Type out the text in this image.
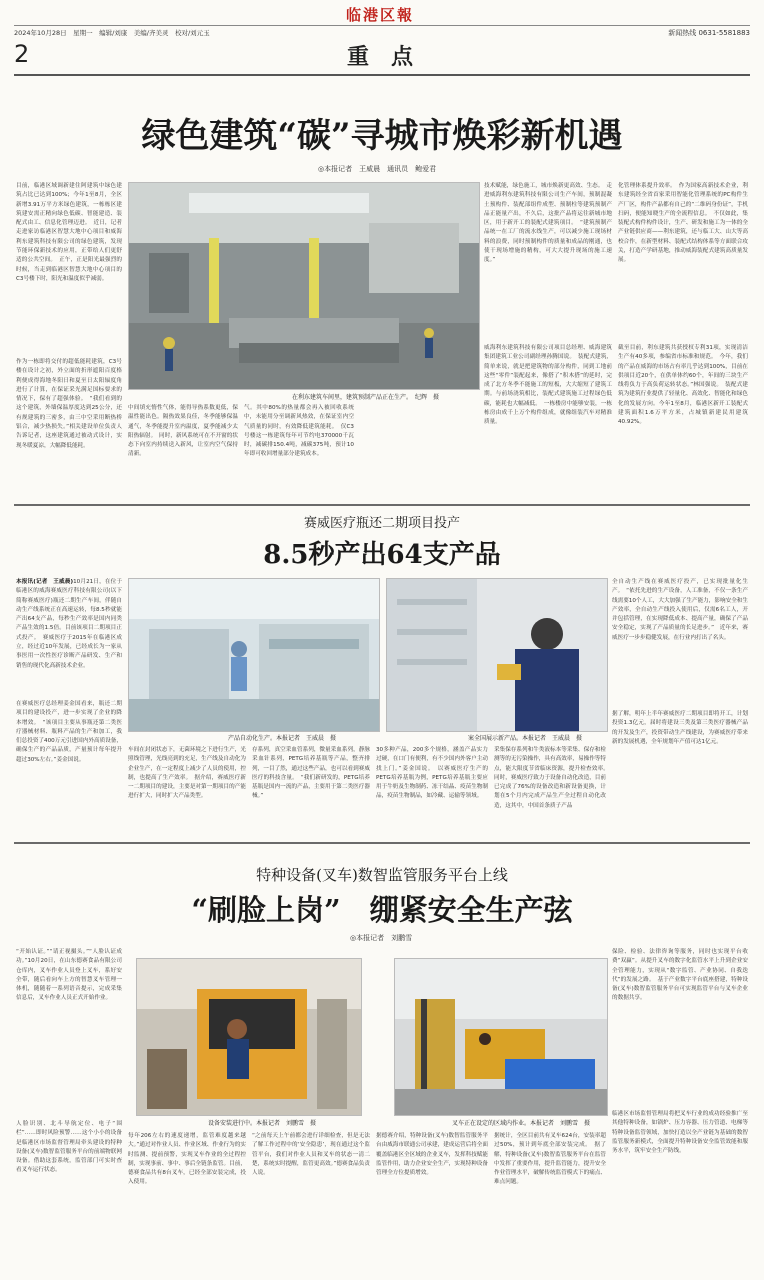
临港区報
2024年10月28日　星期一　编辑/刘康　美编/齐美灵　校对/刘元玉
2	重　点
新闻热线 0631-5581883
绿色建筑“碳”寻城市焕彩新机遇
◎本报记者　王威晨　通讯员　鲍爱君
目前，临港区域调新建住阿建筑中绿色建筑占比已达到100%；今年1至8月，全区新增3.91万平方米绿色建筑，一栋栋区建筑建安需正精向绿色低碳、智能建造、装配式由工、信息化管理迈进。　近日，记者走进家访临港区智慧大地中心项目和威海利东建筑科技有限公司的绿色建筑，发现节能环保新技术的应用，正带给人们更舒适的公共空间。　正午，正是阳光最强烈的时候，当走到临港区智慧大地中心项目的C3号楼下时，阳光和温度似乎减弱。
作为一栋即将交付的超低能耗建筑，C3号楼在设计之初，外立面的折形遮阳百度格利便成得海地冬阳日和夏至日太阳辐度角进行了计算，在保证采光满足国标要求的情况下，保有了超强体验。　“我们看到的这个建筑，外墙保温厚度达到25公分，还有规建筑的三密多，由三中空采用断热桥铝合，减少热损失。”相关建设单位负责人告诉记者，这座建筑通过被动式设计，实现冬暖夏凉，大幅降低能耗。
在利东建筑车间里，建筑预制产品正在生产。　纪辉　摄
中间填充惰性气体，能得导热系数更低，保温性能出色。隔热效果良佳，冬季能够保温通气，冬季能提升室内温度，夏季能减少太阳热辐射。　同时，新风系统可在不开窗的状态下向室内持续送入新风，让室内空气保持清新。
气。其中80%的热量都会再入被回收系统中，未能用分至调新风热效，在保证室内空气质量的同时，有效降低建筑能耗。　仅C3号楼这一栋建筑每年可节约电370000千瓦时，减碳排150.4吨，减碳375吨，预计10年即可收回增量部分建筑成本。
技术赋能，绿色施工，城市焕新更高效、生态。　走进威海利东建筑科技有限公司生产车间，预制混凝土预构件、装配部组件成型、预制柱等建筑预制产品正能量产出，不久后，这批产品将运往新城市地区，用于新开工的装配式建筑项目。　“建筑预制产品统一在工厂的流水线生产，可以减少施工现场材料的浪费，同时预制构件的质量和成品的刚通，也使干现场增施的精构，可大大提升现场的施工速度。”
威海利东建筑科技有限公司项目总经理、威海建筑集团建筑工业公司副经理孙腾国说。　装配式建筑，简单来说，就是把建筑物的部分构件，同到工地前这些“零件”装配起来，像搭了“积木搭”的延时，完成了北方冬季不能施工的短板，大大缩短了建筑工期。与前场浇筑相比，装配式建筑施工过程绿色低碳，能耗也大幅减低。　一栋楼房中能够安装，一栋栋房由成千上万个构件组成，就像组装汽车对精准质量。
化管理体系提升效率。　作为国家高新技术企业，利东建筑经全省首家采用智能化管理系统的PC构件生产厂区，构件产品都有自己的“二维码身份证”，手机扫码，便能知晓生产的全流程信息。　不仅如此，集装配式构件构件设计，生产、研发和施工为一体的全产业链供应商——利东建筑，还与临工大、山大等高校合作，在新型材料、装配式结构体系等方面联合攻关，打造产学研基地，推动威海装配式建筑高质量发展。
截至目前，利东建筑共获授权专利31项，实现清洁生产有40多项，参编省市标准和规范。　今年，我们的产品在威海的市场占有率几乎达到100%，目前在供项目近20个，在供单体约60个，年间的三块生产线将负力于高负荷运转状态。”林国强说。　装配式建筑为建筑行业提供了轻量化、高效化、智能化和绿色化的发展方向。今年1至8月，临港区新开工装配式建筑面积1.6万平方米，占城镇新建民用建筑40.92%。
赛威医疗瓶还二期项目投产
8.5秒产出64支产品
本报讯(记者　王威晨)10月21日，在位于临港区的威海赛威医疗科技有限公司(以下简称赛威医疗)瓶还二期生产车间，伴随自动生产线系统正在高速运转，每8.5秒就能产出64支产品，每秒生产效率是国内同类产品生效的1.5倍。目前该项目二期项目正式投产。　赛威医疗于2015年在临港区成立，经过近10年发展，已经成长为一家从事医用一次性医疗诊断产品研发、生产和销售的现代化高新技术企业。
产品自动化生产。本报记者　王威晨　摄	案全国展示新产品。本报记者　王威晨　摄
在赛威医疗总经理姜金国看来，瓶还二期项目的建设投产，进一步实现了企业的降本增效。　“该项目主要从事瓶还第二类医疗器械材料、瓶料产品的生产和加工，我们总投资了400万元引进国内外高质设备，确保生产的产品品质，产量预计每年提升超过30%左右。”姜金国说。
车间在封闭状态下，无菌环境之下进行生产，光照线管理，光线亮到的充足，生产线及自动化为企业生产，在一定程度上减少了人员的使用，控制，也提高了生产效率。　据介绍，赛威医疗新一二期项目的建设，主要是对第一期项目的产能进行扩大，同时扩大产品类型。
存系列，真空采血管系列，微量采血系列，静脉采血针系列，PETG培养基瓶等产品，整齐排列，一目了然，通过这些产品，也可以看到赛威医疗的科技含量。　“我们新研发的，PETG培养基瓶是国内一流的产品，主要用于第二类医疗器械。”
30多种产品，200多个规格，涵盖产品实力过硬，在口门有便利，有不少国内外客户主动找上门。”姜金国说。　以赛威医疗生产的PETG培养基瓶为例，PETG培养基瓶主要应用于牛奶及生物制药、冻干结晶、疫苗生物制品，疫苗生物制品，如冷藏、运输等领域。
采集保存系列和牛类液标本等采集、保存和检测等的无污染操作，具有高效率，易操作等特点，能大限度节省临床资源，提升检查效率。　同时，赛威医疗致力于设备自动化改造，目前已完成了76%的设备改造和新设备更换，计划在5个月内完成产品生产全过程自动化改造，这其中，中国首条质子产品
全自动生产线在赛威医疗投产，已实现批量化生产。　“依托先进的生产设备，人工准备，不仅一条生产线需要10个人工，大大加强了生产能力，影响安全和生产效率，全自动生产线投入使用后，仅需6名工人，开并包括管理，在实现降低成本、提高产量，确保了产品安全稳定，实现了产品质量的长足进步。”　近年来，赛威医疗一步步稳健发展，在行业内打出了名头。
据了解，明年上半年赛威医疗二期项目即将开工，计划投资1.3亿元，届时将建设三类及第三类医疗器械产品的开发及生产，投资带动生产线建设，为赛威医疗带来新的发展机遇，全年规划年产值可达1亿元。
特种设备(叉车)数智监管服务平台上线
“刷脸上岗”　绷紧安全生产弦
◎本报记者　刘鹏雪
“开始认证。”“请正视摄头。”“人脸认证成功。”10月20日，在山东德赛食品有限公司仓库内，叉车作业人员登上叉车，系好安全带，随后看向车上方的智慧叉车管理一体机，随随着一系列语音提示，完成采集信息后，叉车作业人员正式开始作业。
人脸识别、北斗导航定位、电子“围栏”……即时风险预警……这个小小的设备是临港区市场监督管理局牵头建设的特种设备(叉车)数智监管服务平台的前端物联网设备。借助这套系统，监管部门可实时查看叉车运行状态。
设备安装进行中。本报记者　刘鹏雪　摄	叉车正在设定的区域内作业。本报记者　刘鹏雪　摄
每年206左右的速度递增，监管难度越来越大。”通过对作业人员、作业区域、作业行为的实时监测、提前预警，实现叉车作业的全过程控制，实现事前、事中、事后全链条监管。目前，德赛食品共有8台叉车，已经全部安装完成，投入使用。
“之前每天上午前都会进行详细检查，但是无法了解工作过程中的‘安全隐患’，现在通过这个监管平台，我们对作业人员和叉车的状态一清二楚，系统实时提醒，监管更高效。”德赛食品负责人说。
据德赛介绍，特种设备(叉车)数智监管服务平台由威海市联通公司承建，建成运营后将全面覆盖临港区全区域的企业叉车，发挥科技赋能监管作用，助力企业安全生产，实现特种设备管理全方位提质增效。
据统计，全区目前共有叉车624台，安装率超过50%，预计到年底全部安装完成。　据了解，特种设备(叉车)数智监管服务平台在监管中发挥了重要作用，提升监管能力，提升安全作业管理水平，破解传统监管模式下的痛点、难点问题。
保险、检验、法律咨询等服务，同时也实现平台收费“双赢”。从提升叉车的数字化监管水平上升到企业安全管理能力，实现从“数字监管、产业协同、自我迭代”的发展之路。　基于产业数字平台底座搭建，特种设备(叉车)数智监管服务平台可实现监管平台与叉车企业的数据共享。
临港区市场监督管理局将把叉车行业的成功经验推广至其他特种设备，如锅炉、压力容器、压力管道、电梯等特种设备监管领域，加快打造以全产业链为基础的数智监管服务新模式，全面提升特种设备安全监管效能和服务水平，筑牢安全生产防线。
